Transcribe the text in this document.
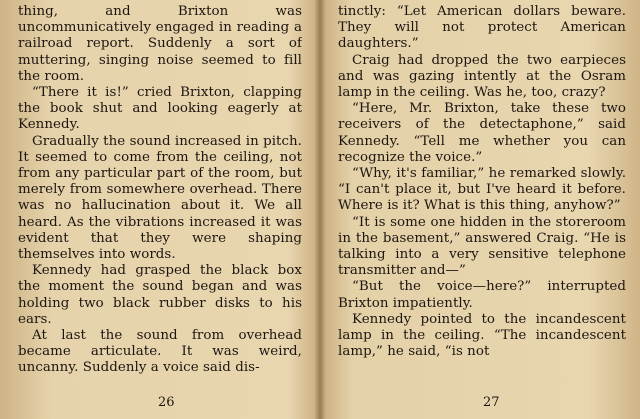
thing, and Brixton was uncommunicatively engaged in reading a railroad report. Suddenly a sort of muttering, singing noise seemed to fill the room.

“There it is!” cried Brixton, clapping the book shut and looking eagerly at Kennedy.

Gradually the sound increased in pitch. It seemed to come from the ceiling, not from any particular part of the room, but merely from somewhere overhead. There was no hallucination about it. We all heard. As the vibrations increased it was evident that they were shaping themselves into words.

Kennedy had grasped the black box the moment the sound began and was holding two black rubber disks to his ears.

At last the sound from overhead became articulate. It was weird, uncanny. Suddenly a voice said dis-

26

tinctly: “Let American dollars beware. They will not protect American daughters.”

Craig had dropped the two earpieces and was gazing intently at the Osram lamp in the ceiling. Was he, too, crazy?

“Here, Mr. Brixton, take these two receivers of the detectaphone,” said Kennedy. “Tell me whether you can recognize the voice.”

“Why, it's familiar,” he remarked slowly. “I can't place it, but I've heard it before. Where is it? What is this thing, anyhow?”

“It is some one hidden in the storeroom in the basement,” answered Craig. “He is talking into a very sensitive telephone transmitter and—”

“But the voice—here?” interrupted Brixton impatiently.

Kennedy pointed to the incandescent lamp in the ceiling. “The incandescent lamp,” he said, “is not

27
